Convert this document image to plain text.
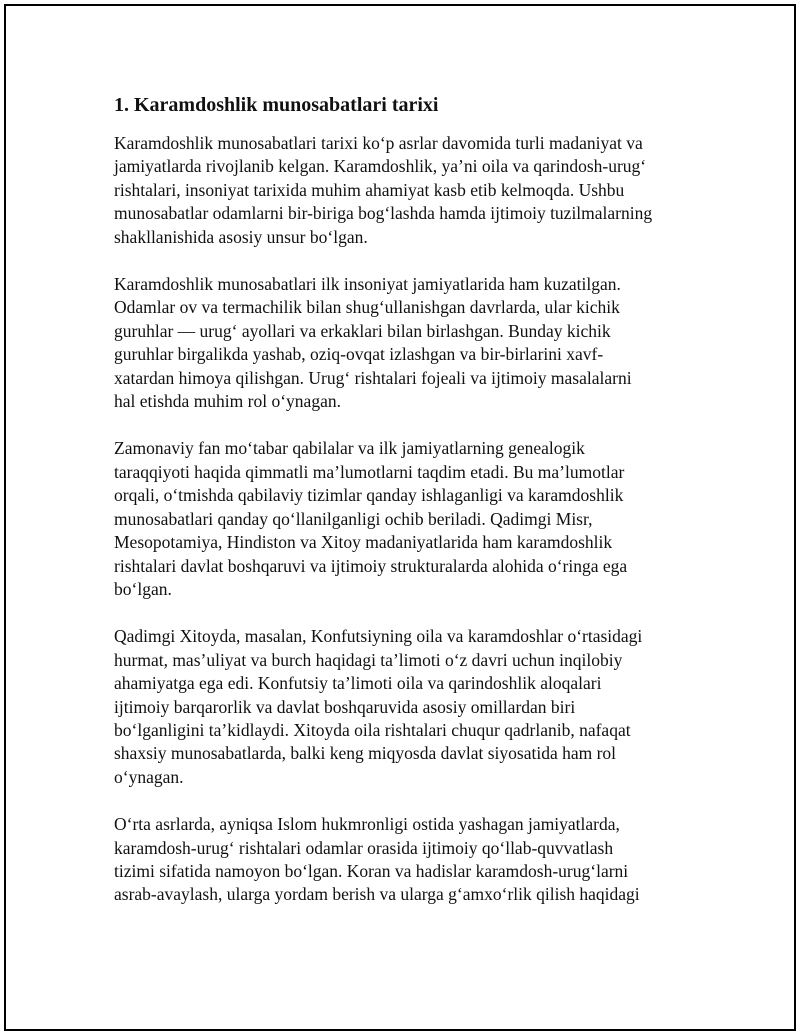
1. Karamdoshlik munosabatlari tarixi
Karamdoshlik munosabatlari tarixi ko‘p asrlar davomida turli madaniyat va
jamiyatlarda rivojlanib kelgan. Karamdoshlik, ya’ni oila va qarindosh-urug‘
rishtalari, insoniyat tarixida muhim ahamiyat kasb etib kelmoqda. Ushbu
munosabatlar odamlarni bir-biriga bog‘lashda hamda ijtimoiy tuzilmalarning
shakllanishida asosiy unsur bo‘lgan.
Karamdoshlik munosabatlari ilk insoniyat jamiyatlarida ham kuzatilgan.
Odamlar ov va termachilik bilan shug‘ullanishgan davrlarda, ular kichik
guruhlar — urug‘ ayollari va erkaklari bilan birlashgan. Bunday kichik
guruhlar birgalikda yashab, oziq-ovqat izlashgan va bir-birlarini xavf-
xatardan himoya qilishgan. Urug‘ rishtalari fojeali va ijtimoiy masalalarni
hal etishda muhim rol o‘ynagan.
Zamonaviy fan mo‘tabar qabilalar va ilk jamiyatlarning genealogik
taraqqiyoti haqida qimmatli ma’lumotlarni taqdim etadi. Bu ma’lumotlar
orqali, o‘tmishda qabilaviy tizimlar qanday ishlaganligi va karamdoshlik
munosabatlari qanday qo‘llanilganligi ochib beriladi. Qadimgi Misr,
Mesopotamiya, Hindiston va Xitoy madaniyatlarida ham karamdoshlik
rishtalari davlat boshqaruvi va ijtimoiy strukturalarda alohida o‘ringa ega
bo‘lgan.
Qadimgi Xitoyda, masalan, Konfutsiyning oila va karamdoshlar o‘rtasidagi
hurmat, mas’uliyat va burch haqidagi ta’limoti o‘z davri uchun inqilobiy
ahamiyatga ega edi. Konfutsiy ta’limoti oila va qarindoshlik aloqalari
ijtimoiy barqarorlik va davlat boshqaruvida asosiy omillardan biri
bo‘lganligini ta’kidlaydi. Xitoyda oila rishtalari chuqur qadrlanib, nafaqat
shaxsiy munosabatlarda, balki keng miqyosda davlat siyosatida ham rol
o‘ynagan.
O‘rta asrlarda, ayniqsa Islom hukmronligi ostida yashagan jamiyatlarda,
karamdosh-urug‘ rishtalari odamlar orasida ijtimoiy qo‘llab-quvvatlash
tizimi sifatida namoyon bo‘lgan. Koran va hadislar karamdosh-urug‘larni
asrab-avaylash, ularga yordam berish va ularga g‘amxo‘rlik qilish haqidagi
